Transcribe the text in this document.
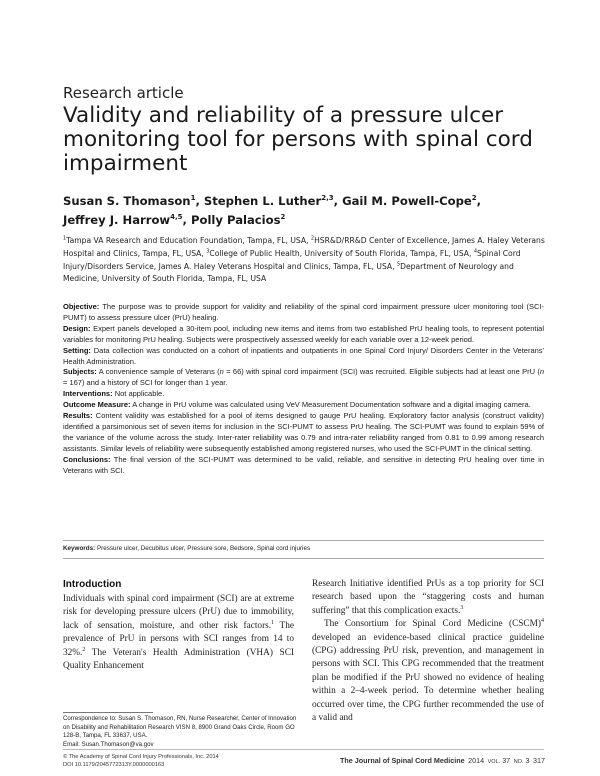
Research article
Validity and reliability of a pressure ulcer monitoring tool for persons with spinal cord impairment
Susan S. Thomason$^1$, Stephen L. Luther$^{2,3}$, Gail M. Powell-Cope$^2$,
Jeffrey J. Harrow$^{4,5}$, Polly Palacios$^2$
$^1$Tampa VA Research and Education Foundation, Tampa, FL, USA, $^2$HSR&D/RR&D Center of Excellence, James A. Haley Veterans Hospital and Clinics, Tampa, FL, USA, $^3$College of Public Health, University of South Florida, Tampa, FL, USA, $^4$Spinal Cord Injury/Disorders Service, James A. Haley Veterans Hospital and Clinics, Tampa, FL, USA, $^5$Department of Neurology and Medicine, University of South Florida, Tampa, FL, USA

Objective: The purpose was to provide support for validity and reliability of the spinal cord impairment pressure ulcer monitoring tool (SCI-PUMT) to assess pressure ulcer (PrU) healing.

Design: Expert panels developed a 30-item pool, including new items and items from two established PrU healing tools, to represent potential variables for monitoring PrU healing. Subjects were prospectively assessed weekly for each variable over a 12-week period.

Setting: Data collection was conducted on a cohort of inpatients and outpatients in one Spinal Cord Injury/ Disorders Center in the Veterans' Health Administration.

Subjects: A convenience sample of Veterans (n = 66) with spinal cord impairment (SCI) was recruited. Eligible subjects had at least one PrU (n = 167) and a history of SCI for longer than 1 year.

Interventions: Not applicable.

Outcome Measure: A change in PrU volume was calculated using VeV Measurement Documentation software and a digital imaging camera.

Results: Content validity was established for a pool of items designed to gauge PrU healing. Exploratory factor analysis (construct validity) identified a parsimonious set of seven items for inclusion in the SCI-PUMT to assess PrU healing. The SCI-PUMT was found to explain 59% of the variance of the volume across the study. Inter-rater reliability was 0.79 and intra-rater reliability ranged from 0.81 to 0.99 among research assistants. Similar levels of reliability were subsequently established among registered nurses, who used the SCI-PUMT in the clinical setting.

Conclusions: The final version of the SCI-PUMT was determined to be valid, reliable, and sensitive in detecting PrU healing over time in Veterans with SCI.

Keywords: Pressure ulcer, Decubitus ulcer, Pressure sore, Bedsore, Spinal cord injuries
Introduction

Individuals with spinal cord impairment (SCI) are at extreme risk for developing pressure ulcers (PrU) due to immobility, lack of sensation, moisture, and other risk factors.$^1$ The prevalence of PrU in persons with SCI ranges from 14 to 32%.$^2$ The Veteran's Health Administration (VHA) SCI Quality Enhancement

Research Initiative identified PrUs as a top priority for SCI research based upon the “staggering costs and human suffering” that this complication exacts.$^3$

The Consortium for Spinal Cord Medicine (CSCM)$^4$ developed an evidence-based clinical practice guideline (CPG) addressing PrU risk, prevention, and management in persons with SCI. This CPG recommended that the treatment plan be modified if the PrU showed no evidence of healing within a 2–4-week period. To determine whether healing occurred over time, the CPG further recommended the use of a valid and

Correspondence to: Susan S. Thomason, RN, Nurse Researcher, Center of Innovation on Disability and Rehabilitation Research VISN 8, 8900 Grand Oaks Circle, Room GO 128-B, Tampa, FL 33637, USA.
Email: Susan.Thomason@va.gov
© The Academy of Spinal Cord Injury Professionals, Inc. 2014
DOI 10.1179/2045772313Y.0000000163	The Journal of Spinal Cord Medicine 2014 VOL. 37 NO. 3 317
